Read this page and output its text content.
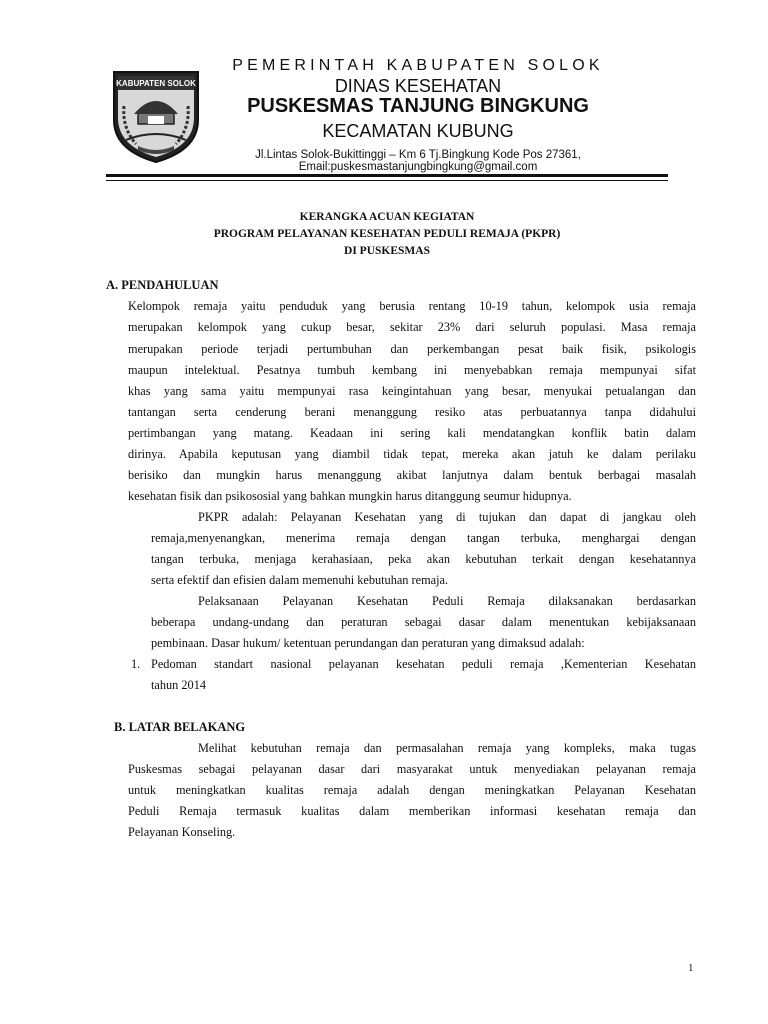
KABUPATEN SOLOK
PEMERINTAH KABUPATEN SOLOK
DINAS KESEHATAN
PUSKESMAS TANJUNG BINGKUNG
KECAMATAN KUBUNG
Jl.Lintas Solok-Bukittinggi – Km 6 Tj.Bingkung Kode Pos 27361,
Email:puskesmastanjungbingkung@gmail.com
KERANGKA ACUAN KEGIATAN
PROGRAM PELAYANAN KESEHATAN PEDULI REMAJA (PKPR)
DI PUSKESMAS
A. PENDAHULUAN
Kelompok remaja yaitu penduduk yang berusia rentang 10-19 tahun, kelompok usia remaja
merupakan kelompok yang cukup besar, sekitar 23% dari seluruh populasi. Masa remaja
merupakan periode terjadi pertumbuhan dan perkembangan pesat baik fisik, psikologis
maupun intelektual. Pesatnya tumbuh kembang ini menyebabkan remaja mempunyai sifat
khas yang sama yaitu mempunyai rasa keingintahuan yang besar, menyukai petualangan dan
tantangan serta cenderung berani menanggung resiko atas perbuatannya tanpa didahului
pertimbangan yang matang. Keadaan ini sering kali mendatangkan konflik batin dalam
dirinya. Apabila keputusan yang diambil tidak tepat, mereka akan jatuh ke dalam perilaku
berisiko dan mungkin harus menanggung akibat lanjutnya dalam bentuk berbagai masalah
kesehatan fisik dan psikososial yang bahkan mungkin harus ditanggung seumur hidupnya.
PKPR adalah: Pelayanan Kesehatan yang di tujukan dan dapat di jangkau oleh
remaja,menyenangkan, menerima remaja dengan tangan terbuka, menghargai dengan
tangan terbuka, menjaga kerahasiaan, peka akan kebutuhan terkait dengan kesehatannya
serta efektif dan efisien dalam memenuhi kebutuhan remaja.
Pelaksanaan Pelayanan Kesehatan Peduli Remaja dilaksanakan berdasarkan
beberapa undang-undang dan peraturan sebagai dasar dalam menentukan kebijaksanaan
pembinaan. Dasar hukum/ ketentuan perundangan dan peraturan yang dimaksud adalah:
1. Pedoman standart nasional pelayanan kesehatan peduli remaja ,Kementerian Kesehatan
tahun 2014
B. LATAR BELAKANG
Melihat kebutuhan remaja dan permasalahan remaja yang kompleks, maka tugas
Puskesmas sebagai pelayanan dasar dari masyarakat untuk menyediakan pelayanan remaja
untuk meningkatkan kualitas remaja adalah dengan meningkatkan Pelayanan Kesehatan
Peduli Remaja termasuk kualitas dalam memberikan informasi kesehatan remaja dan
Pelayanan Konseling.
1
